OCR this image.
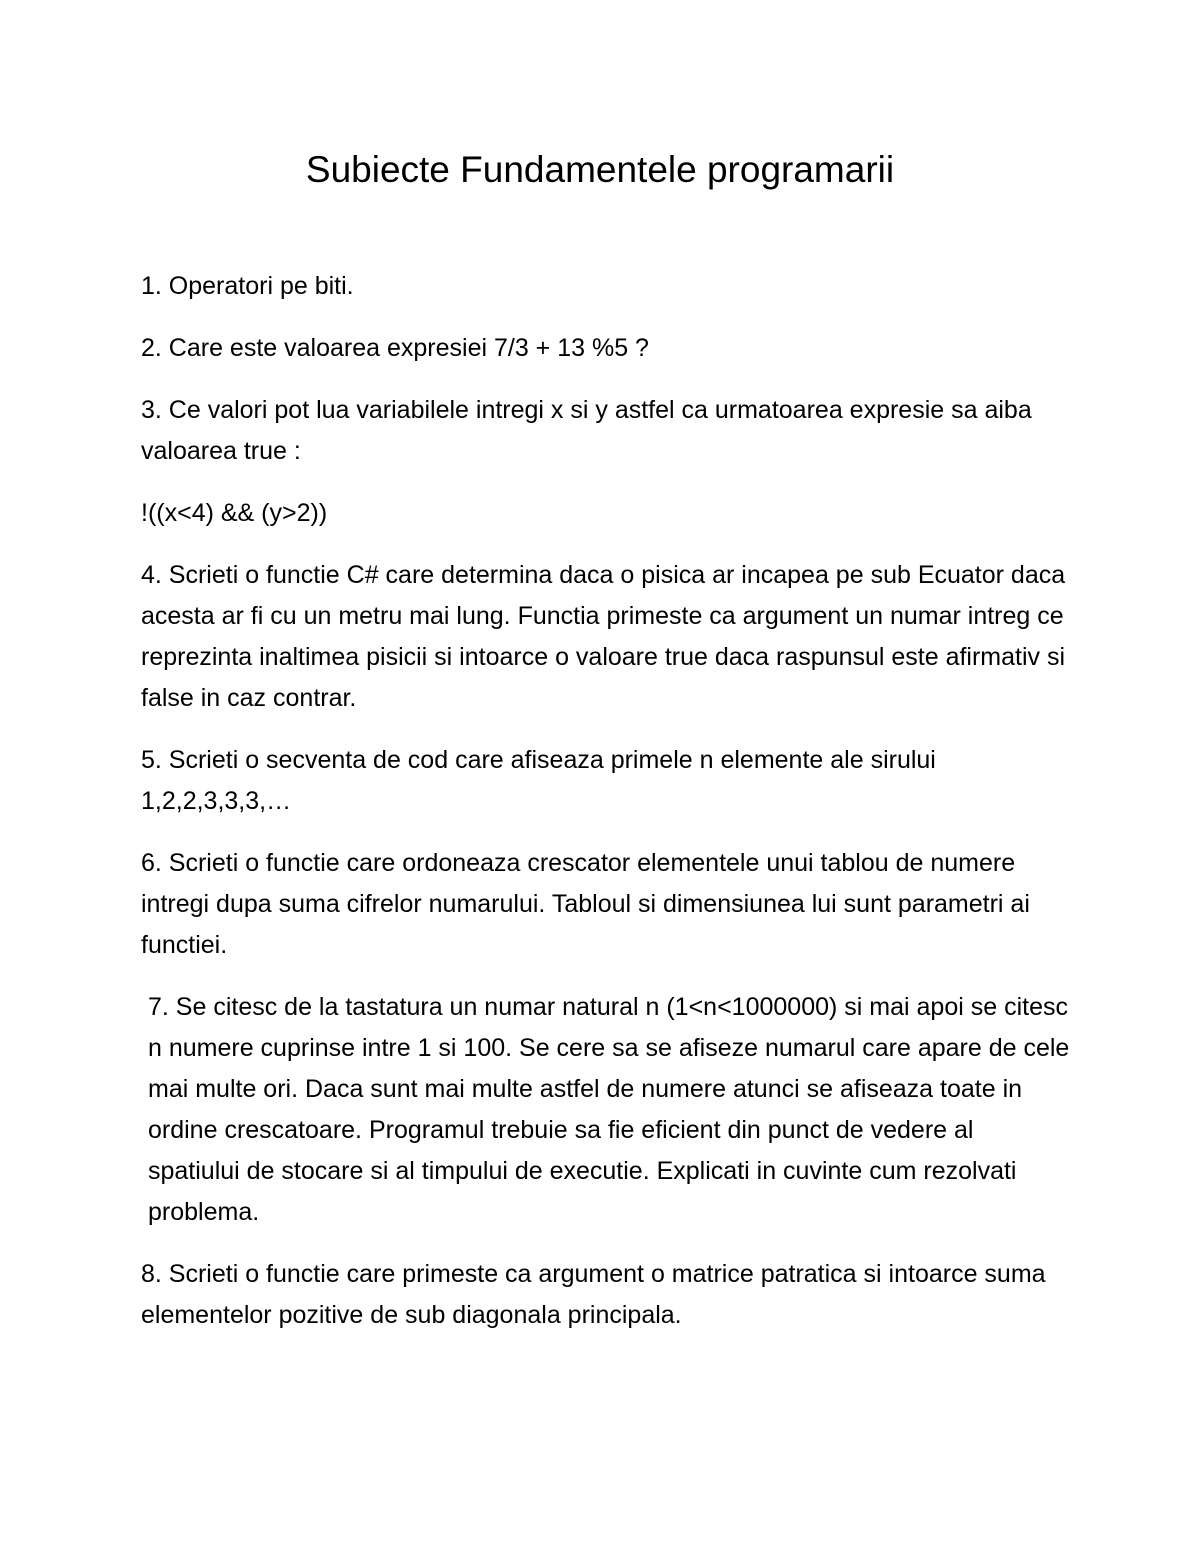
Subiecte Fundamentele programarii

1. Operatori pe biti.

2. Care este valoarea expresiei 7/3 + 13 %5 ?

3. Ce valori pot lua variabilele intregi x si y astfel ca urmatoarea expresie sa aiba valoarea true :

!((x<4) && (y>2))

4. Scrieti o functie C# care determina daca o pisica ar incapea pe sub Ecuator daca acesta ar fi cu un metru mai lung. Functia primeste ca argument un numar intreg ce reprezinta inaltimea pisicii si intoarce o valoare true daca raspunsul este afirmativ si false in caz contrar.

5. Scrieti o secventa de cod care afiseaza primele n elemente ale sirului 1,2,2,3,3,3,…

6. Scrieti o functie care ordoneaza crescator elementele unui tablou de numere intregi dupa suma cifrelor numarului. Tabloul si dimensiunea lui sunt parametri ai functiei.

7. Se citesc de la tastatura un numar natural n (1<n<1000000) si mai apoi se citesc n numere cuprinse intre 1 si 100. Se cere sa se afiseze numarul care apare de cele mai multe ori. Daca sunt mai multe astfel de numere atunci se afiseaza toate in ordine crescatoare. Programul trebuie sa fie eficient din punct de vedere al spatiului de stocare si al timpului de executie. Explicati in cuvinte cum rezolvati problema.

8. Scrieti o functie care primeste ca argument o matrice patratica si intoarce suma elementelor pozitive de sub diagonala principala.
